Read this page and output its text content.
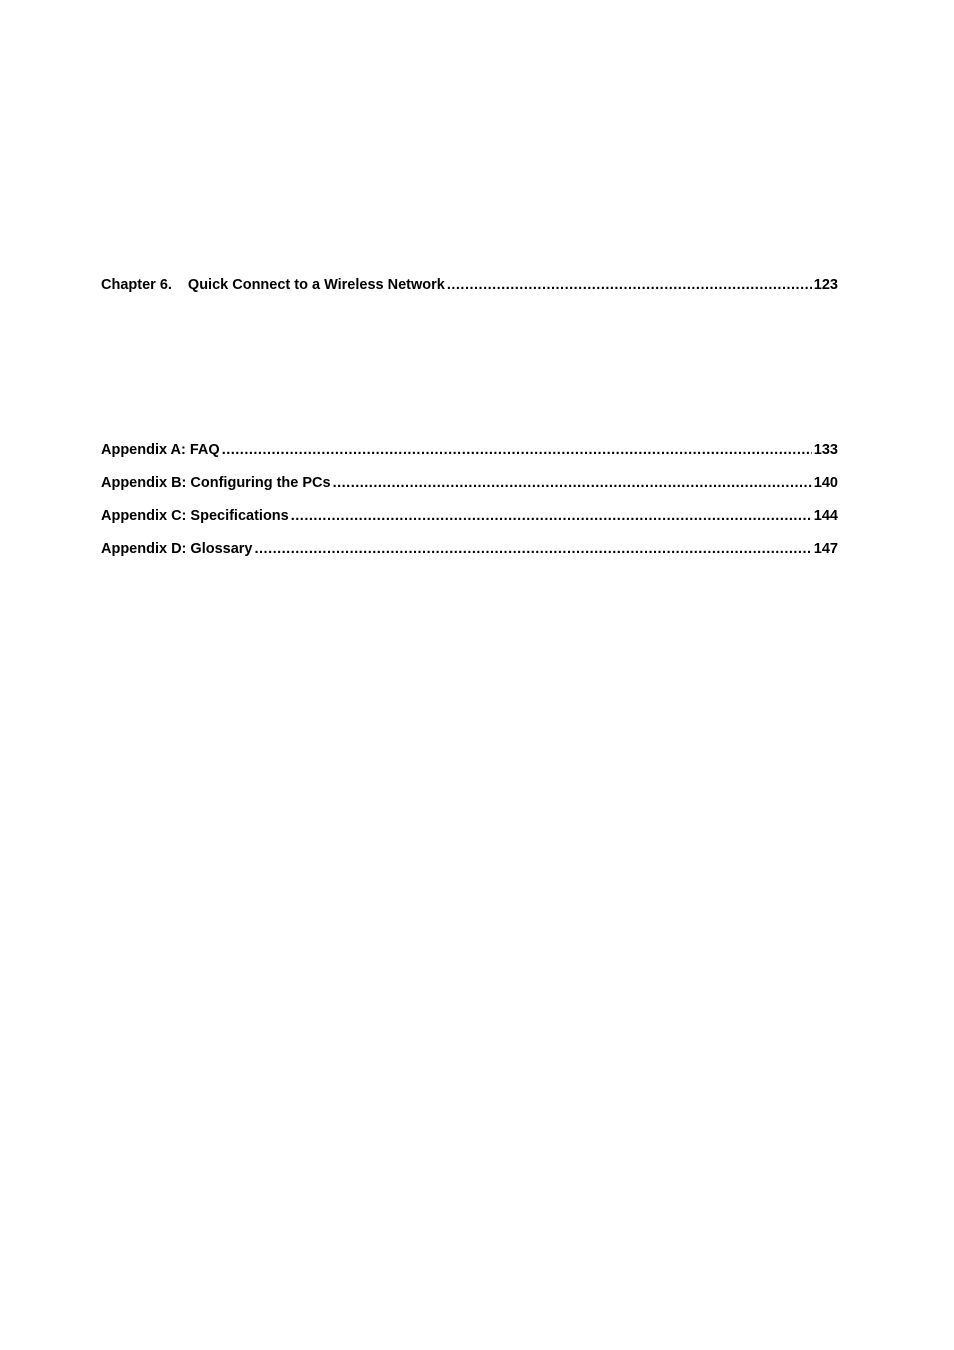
Chapter 6. Quick Connect to a Wireless Network .....	123
Appendix A: FAQ .....	133
Appendix B: Configuring the PCs .....	140
Appendix C: Specifications .....	144
Appendix D: Glossary .....	147
